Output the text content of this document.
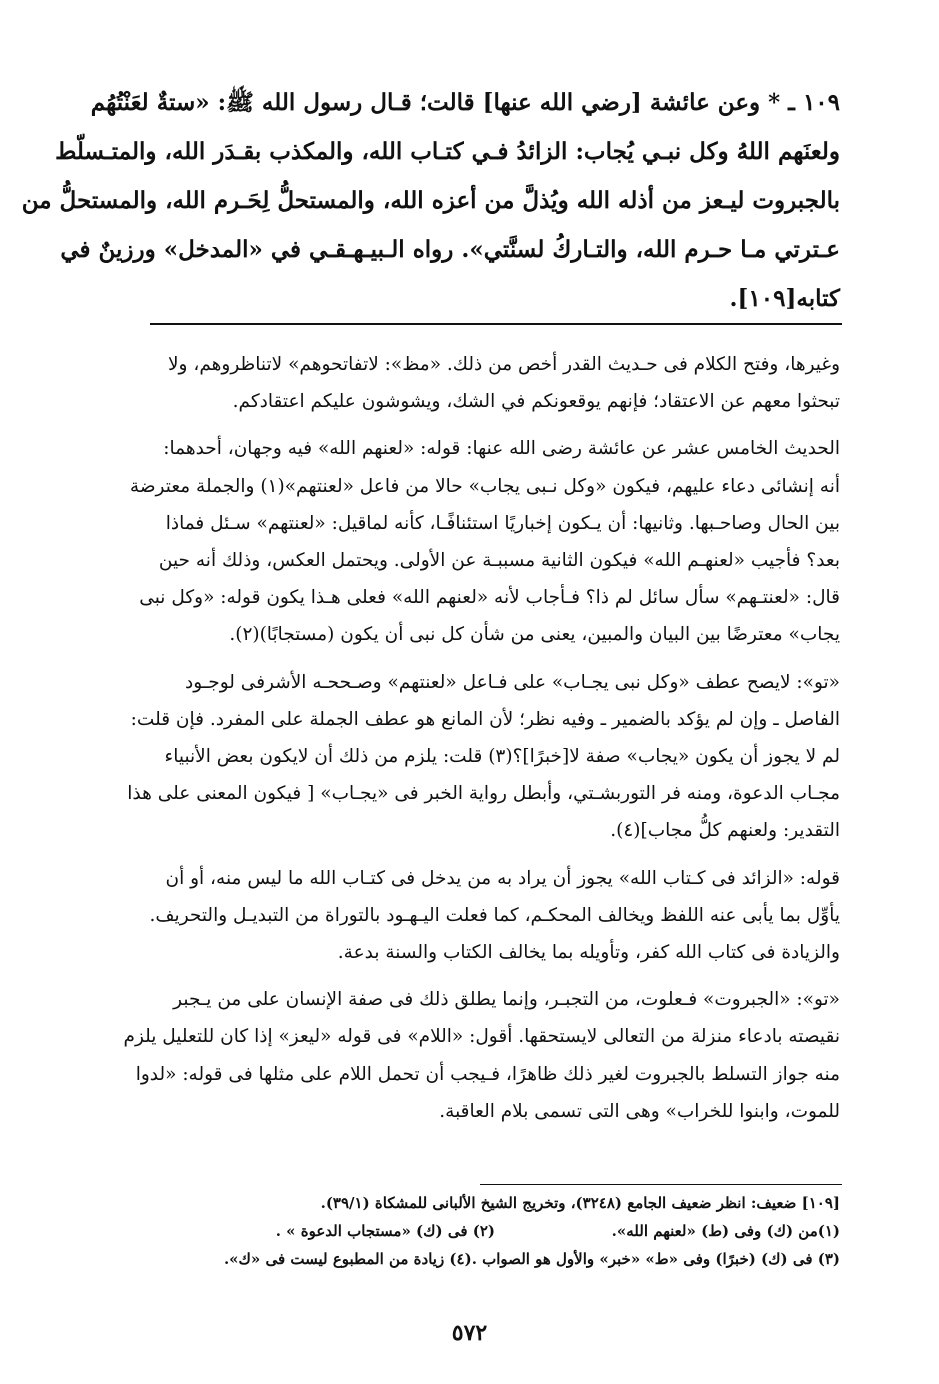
١٠٩ ـ * وعن عائشة [رضي الله عنها] قالت؛ قـال رسول الله ﷺ: «ستةٌ لعَنْتُهُم
ولعنَهم اللهُ وكل نبـي يُجاب: الزائدُ فـي كتـاب الله، والمكذب بقـدَر الله، والمتـسلّط
بالجبروت ليـعز من أذله الله ويُذلَّ من أعزه الله، والمستحلُّ لِحَـرم الله، والمستحلُّ من
عـترتي مـا حـرم الله، والتـاركُ لسنَّتي». رواه الـبيـهـقـي في «المدخل» ورزينٌ في
كتابه[١٠٩].

وغيرها، وفتح الكلام فى حـديث القدر أخص من ذلك. «مظ»: لاتفاتحوهم» لاتناظروهم، ولا
تبحثوا معهم عن الاعتقاد؛ فإنهم يوقعونكم في الشك، ويشوشون عليكم اعتقادكم.

الحديث الخامس عشر عن عائشة رضى الله عنها: قوله: «لعنهم الله» فيه وجهان، أحدهما:
أنه إنشائى دعاء عليهم، فيكون «وكل نـبى يجاب» حالا من فاعل «لعنتهم»(١) والجملة معترضة
بين الحال وصاحـبها. وثانيها: أن يـكون إخباريًا استئنافًـا، كأنه لماقيل: «لعنتهم» سـئل فماذا
بعد؟ فأجيب «لعنهـم الله» فيكون الثانية مسببـة عن الأولى. ويحتمل العكس، وذلك أنه حين
قال: «لعنتـهم» سأل سائل لم ذا؟ فـأجاب لأنه «لعنهم الله» فعلى هـذا يكون قوله: «وكل نبى
يجاب» معترضًا بين البيان والمبين، يعنى من شأن كل نبى أن يكون (مستجابًا)(٢).

«تو»: لايصح عطف «وكل نبى يجـاب» على فـاعل «لعنتهم» وصـححـه الأشرفى لوجـود
الفاصل ـ وإن لم يؤكد بالضمير ـ وفيه نظر؛ لأن المانع هو عطف الجملة على المفرد. فإن قلت:
لم لا يجوز أن يكون «يجاب» صفة لا[خبرًا]؟(٣) قلت: يلزم من ذلك أن لايكون بعض الأنبياء
مجـاب الدعوة، ومنه فر التوربشـتي، وأبطل رواية الخبر فى «يجـاب» [ فيكون المعنى على هذا
التقدير: ولعنهم كلُّ مجاب](٤).

قوله: «الزائد فى كـتاب الله» يجوز أن يراد به من يدخل فى كتـاب الله ما ليس منه، أو أن
يأوِّل بما يأبى عنه اللفظ ويخالف المحكـم، كما فعلت اليـهـود بالتوراة من التبديـل والتحريف.
والزيادة فى كتاب الله كفر، وتأويله بما يخالف الكتاب والسنة بدعة.

«تو»: «الجبروت» فـعلوت، من التجبـر، وإنما يطلق ذلك فى صفة الإنسان على من يـجبر
نقيصته بادعاء منزلة من التعالى لايستحقها. أقول: «اللام» فى قوله «ليعز» إذا كان للتعليل يلزم
منه جواز التسلط بالجبروت لغير ذلك ظاهرًا، فـيجب أن تحمل اللام على مثلها فى قوله: «لدوا
للموت، وابنوا للخراب» وهى التى تسمى بلام العاقبة.

[١٠٩] ضعيف: انظر ضعيف الجامع (٣٢٤٨)، وتخريج الشيخ الألبانى للمشكاة (٣٩/١).
(١)من (ك) وفى (ط) «لعنهم الله».
(٢) فى (ك) «مستجاب الدعوة » .
(٣) فى (ك) (خبرًا) وفى «ط» «خبر» والأول هو الصواب .
(٤) زيادة من المطبوع ليست فى «ك».
٥٧٢
